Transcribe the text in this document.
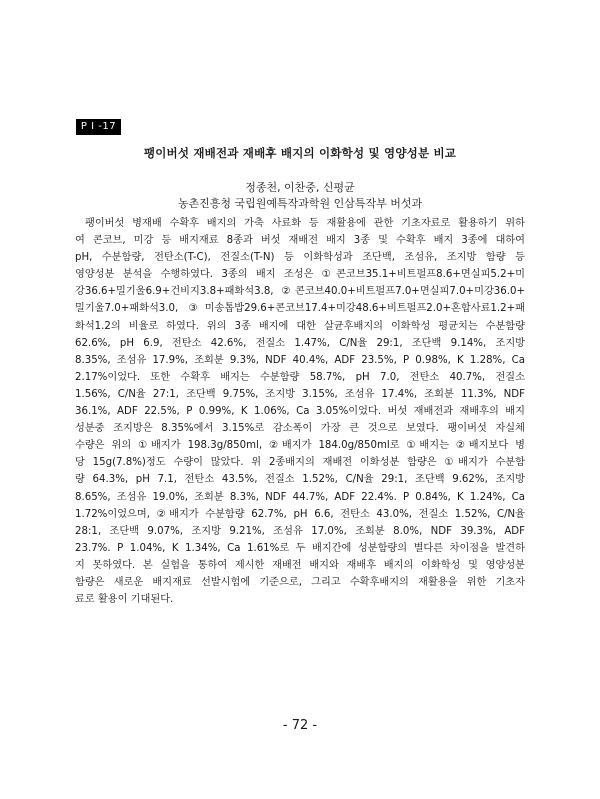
P I -17
팽이버섯 재배전과 재배후 배지의 이화학성 및 영양성분 비교
정종천, 이찬중, 신평균
농촌진흥청 국립원예특작과학원 인삼특작부 버섯과
팽이버섯 병재배 수확후 배지의 가축 사료화 등 재활용에 관한 기초자료로 활용하기 위하
여 콘코브, 미강 등 배지재료 8종과 버섯 재배전 배지 3종 및 수확후 배지 3종에 대하여
pH, 수분함량, 전탄소(T-C), 전질소(T-N) 등 이화학성과 조단백, 조섬유, 조지방 함량 등
영양성분 분석을 수행하였다. 3종의 배지 조성은 ①콘코브35.1+비트펄프8.6+면실피5.2+미
강36.6+밀기울6.9+건비지3.8+패화석3.8, ②콘코브40.0+비트펄프7.0+면실피7.0+미강36.0+
밀기울7.0+패화석3.0, ③미송톱밥29.6+콘코브17.4+미강48.6+비트펄프2.0+혼합사료1.2+패
화석1.2의 비율로 하였다. 위의 3종 배지에 대한 살균후배지의 이화학성 평균치는 수분함량
62.6%, pH 6.9, 전탄소 42.6%, 전질소 1.47%, C/N율 29:1, 조단백 9.14%, 조지방
8.35%, 조섬유 17.9%, 조회분 9.3%, NDF 40.4%, ADF 23.5%, P 0.98%, K 1.28%, Ca
2.17%이었다. 또한 수확후 배지는 수분함량 58.7%, pH 7.0, 전탄소 40.7%, 전질소
1.56%, C/N율 27:1, 조단백 9.75%, 조지방 3.15%, 조섬유 17.4%, 조회분 11.3%, NDF
36.1%, ADF 22.5%, P 0.99%, K 1.06%, Ca 3.05%이었다. 버섯 재배전과 재배후의 배지
성분중 조지방은 8.35%에서 3.15%로 감소폭이 가장 큰 것으로 보였다. 팽이버섯 자실체
수량은 위의 ①배지가 198.3g/850ml, ②배지가 184.0g/850ml로 ①배지는 ②배지보다 병
당 15g(7.8%)정도 수량이 많았다. 위 2종배지의 재배전 이화성분 함량은 ①배지가 수분함
량 64.3%, pH 7.1, 전탄소 43.5%, 전질소 1.52%, C/N율 29:1, 조단백 9.62%, 조지방
8.65%, 조섬유 19.0%, 조회분 8.3%, NDF 44.7%, ADF 22.4%. P 0.84%, K 1.24%, Ca
1.72%이었으며, ②배지가 수분함량 62.7%, pH 6.6, 전탄소 43.0%, 전질소 1.52%, C/N율
28:1, 조단백 9.07%, 조지방 9.21%, 조섬유 17.0%, 조회분 8.0%, NDF 39.3%, ADF
23.7%. P 1.04%, K 1.34%, Ca 1.61%로 두 배지간에 성분함량의 별다른 차이점을 발견하
지 못하였다. 본 실험을 통하여 제시한 재배전 배지와 재배후 배지의 이화학성 및 영양성분
함량은 새로운 배지재료 선발시험에 기준으로, 그리고 수확후배지의 재활용을 위한 기초자
료로 활용이 기대된다.
- 72 -
